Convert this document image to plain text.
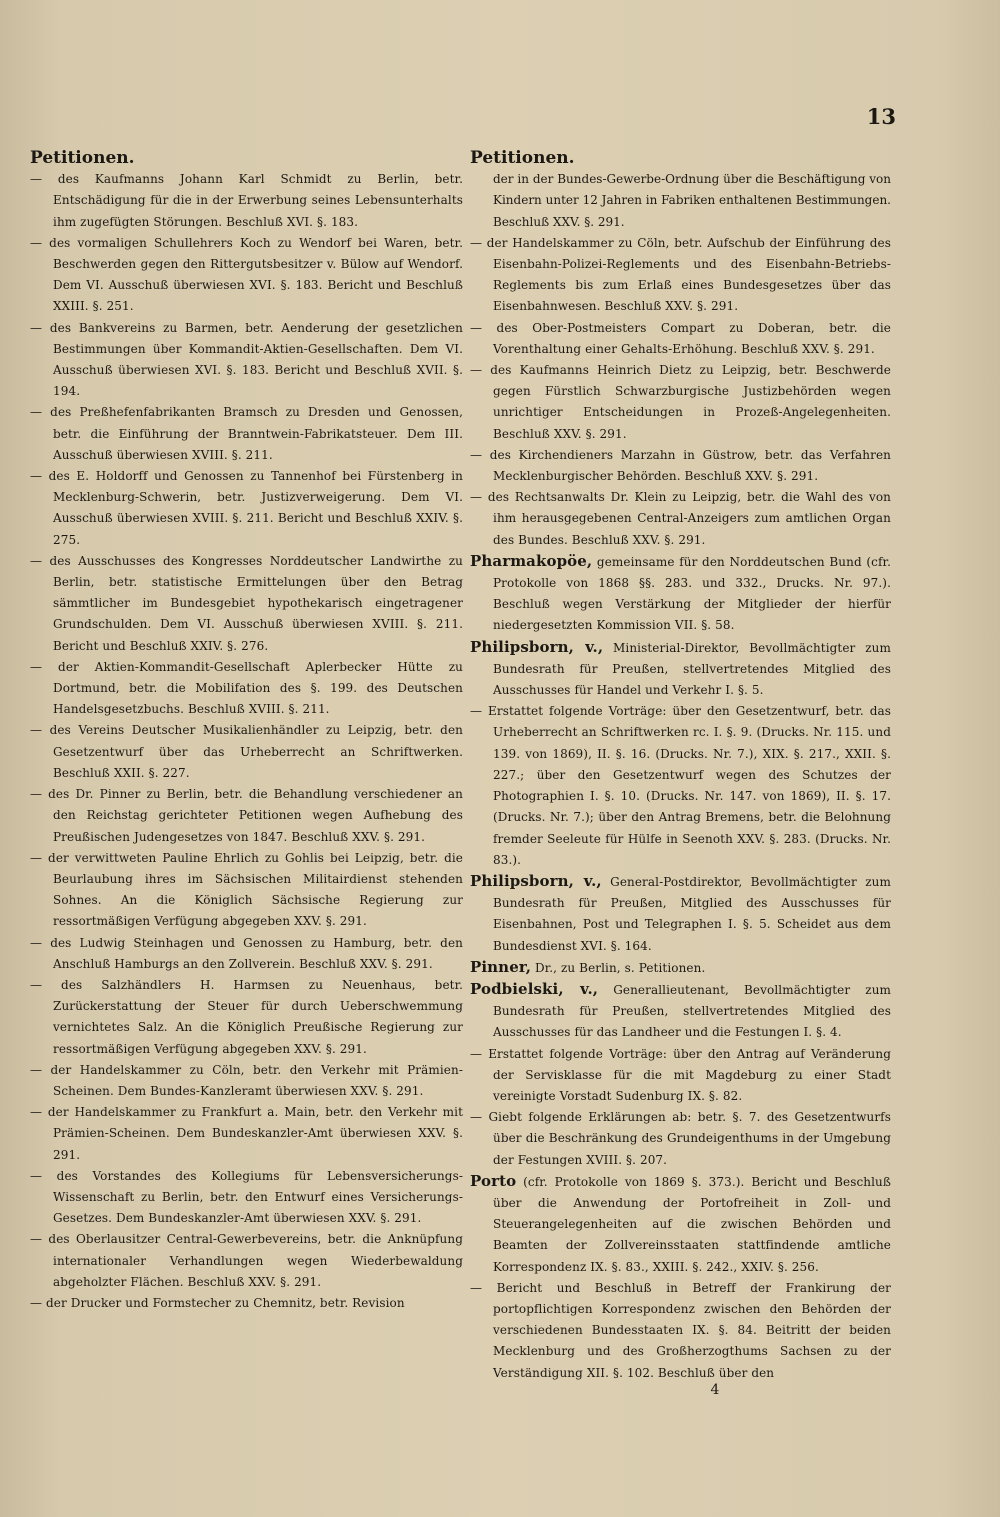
13
Petitionen.
— des Kaufmanns Johann Karl Schmidt zu Berlin, betr. Entschädigung für die in der Erwerbung seines Lebensunterhalts ihm zugefügten Störungen. Beschluß XVI. §. 183.
— des vormaligen Schullehrers Koch zu Wendorf bei Waren, betr. Beschwerden gegen den Rittergutsbesitzer v. Bülow auf Wendorf. Dem VI. Ausschuß überwiesen XVI. §. 183. Bericht und Beschluß XXIII. §. 251.
— des Bankvereins zu Barmen, betr. Aenderung der gesetzlichen Bestimmungen über Kommandit-Aktien-Gesellschaften. Dem VI. Ausschuß überwiesen XVI. §. 183. Bericht und Beschluß XVII. §. 194.
— des Preßhefenfabrikanten Bramsch zu Dresden und Genossen, betr. die Einführung der Branntwein-Fabrikatsteuer. Dem III. Ausschuß überwiesen XVIII. §. 211.
— des E. Holdorff und Genossen zu Tannenhof bei Fürstenberg in Mecklenburg-Schwerin, betr. Justizverweigerung. Dem VI. Ausschuß überwiesen XVIII. §. 211. Bericht und Beschluß XXIV. §. 275.
— des Ausschusses des Kongresses Norddeutscher Landwirthe zu Berlin, betr. statistische Ermittelungen über den Betrag sämmtlicher im Bundesgebiet hypothekarisch eingetragener Grundschulden. Dem VI. Ausschuß überwiesen XVIII. §. 211. Bericht und Beschluß XXIV. §. 276.
— der Aktien-Kommandit-Gesellschaft Aplerbecker Hütte zu Dortmund, betr. die Mobilifation des §. 199. des Deutschen Handelsgesetzbuchs. Beschluß XVIII. §. 211.
— des Vereins Deutscher Musikalienhändler zu Leipzig, betr. den Gesetzentwurf über das Urheberrecht an Schriftwerken. Beschluß XXII. §. 227.
— des Dr. Pinner zu Berlin, betr. die Behandlung verschiedener an den Reichstag gerichteter Petitionen wegen Aufhebung des Preußischen Judengesetzes von 1847. Beschluß XXV. §. 291.
— der verwittweten Pauline Ehrlich zu Gohlis bei Leipzig, betr. die Beurlaubung ihres im Sächsischen Militairdienst stehenden Sohnes. An die Königlich Sächsische Regierung zur ressortmäßigen Verfügung abgegeben XXV. §. 291.
— des Ludwig Steinhagen und Genossen zu Hamburg, betr. den Anschluß Hamburgs an den Zollverein. Beschluß XXV. §. 291.
— des Salzhändlers H. Harmsen zu Neuenhaus, betr. Zurückerstattung der Steuer für durch Ueberschwemmung vernichtetes Salz. An die Königlich Preußische Regierung zur ressortmäßigen Verfügung abgegeben XXV. §. 291.
— der Handelskammer zu Cöln, betr. den Verkehr mit Prämien-Scheinen. Dem Bundes-Kanzleramt überwiesen XXV. §. 291.
— der Handelskammer zu Frankfurt a. Main, betr. den Verkehr mit Prämien-Scheinen. Dem Bundeskanzler-Amt überwiesen XXV. §. 291.
— des Vorstandes des Kollegiums für Lebensversicherungs-Wissenschaft zu Berlin, betr. den Entwurf eines Versicherungs-Gesetzes. Dem Bundeskanzler-Amt überwiesen XXV. §. 291.
— des Oberlausitzer Central-Gewerbevereins, betr. die Anknüpfung internationaler Verhandlungen wegen Wiederbewaldung abgeholzter Flächen. Beschluß XXV. §. 291.
— der Drucker und Formstecher zu Chemnitz, betr. Revision
Petitionen.
der in der Bundes-Gewerbe-Ordnung über die Beschäftigung von Kindern unter 12 Jahren in Fabriken enthaltenen Bestimmungen. Beschluß XXV. §. 291.
— der Handelskammer zu Cöln, betr. Aufschub der Einführung des Eisenbahn-Polizei-Reglements und des Eisenbahn-Betriebs-Reglements bis zum Erlaß eines Bundesgesetzes über das Eisenbahnwesen. Beschluß XXV. §. 291.
— des Ober-Postmeisters Compart zu Doberan, betr. die Vorenthaltung einer Gehalts-Erhöhung. Beschluß XXV. §. 291.
— des Kaufmanns Heinrich Dietz zu Leipzig, betr. Beschwerde gegen Fürstlich Schwarzburgische Justizbehörden wegen unrichtiger Entscheidungen in Prozeß-Angelegenheiten. Beschluß XXV. §. 291.
— des Kirchendieners Marzahn in Güstrow, betr. das Verfahren Mecklenburgischer Behörden. Beschluß XXV. §. 291.
— des Rechtsanwalts Dr. Klein zu Leipzig, betr. die Wahl des von ihm herausgegebenen Central-Anzeigers zum amtlichen Organ des Bundes. Beschluß XXV. §. 291.
Pharmakopöe, gemeinsame für den Norddeutschen Bund (cfr. Protokolle von 1868 §§. 283. und 332., Drucks. Nr. 97.). Beschluß wegen Verstärkung der Mitglieder der hierfür niedergesetzten Kommission VII. §. 58.
Philipsborn, v., Ministerial-Direktor, Bevollmächtigter zum Bundesrath für Preußen, stellvertretendes Mitglied des Ausschusses für Handel und Verkehr I. §. 5.
— Erstattet folgende Vorträge: über den Gesetzentwurf, betr. das Urheberrecht an Schriftwerken rc. I. §. 9. (Drucks. Nr. 115. und 139. von 1869), II. §. 16. (Drucks. Nr. 7.), XIX. §. 217., XXII. §. 227.; über den Gesetzentwurf wegen des Schutzes der Photographien I. §. 10. (Drucks. Nr. 147. von 1869), II. §. 17. (Drucks. Nr. 7.); über den Antrag Bremens, betr. die Belohnung fremder Seeleute für Hülfe in Seenoth XXV. §. 283. (Drucks. Nr. 83.).
Philipsborn, v., General-Postdirektor, Bevollmächtigter zum Bundesrath für Preußen, Mitglied des Ausschusses für Eisenbahnen, Post und Telegraphen I. §. 5. Scheidet aus dem Bundesdienst XVI. §. 164.
Pinner, Dr., zu Berlin, s. Petitionen.
Podbielski, v., Generallieutenant, Bevollmächtigter zum Bundesrath für Preußen, stellvertretendes Mitglied des Ausschusses für das Landheer und die Festungen I. §. 4.
— Erstattet folgende Vorträge: über den Antrag auf Veränderung der Servisklasse für die mit Magdeburg zu einer Stadt vereinigte Vorstadt Sudenburg IX. §. 82.
— Giebt folgende Erklärungen ab: betr. §. 7. des Gesetzentwurfs über die Beschränkung des Grundeigenthums in der Umgebung der Festungen XVIII. §. 207.
Porto (cfr. Protokolle von 1869 §. 373.). Bericht und Beschluß über die Anwendung der Portofreiheit in Zoll- und Steuerangelegenheiten auf die zwischen Behörden und Beamten der Zollvereinsstaaten stattfindende amtliche Korrespondenz IX. §. 83., XXIII. §. 242., XXIV. §. 256.
— Bericht und Beschluß in Betreff der Frankirung der portopflichtigen Korrespondenz zwischen den Behörden der verschiedenen Bundesstaaten IX. §. 84. Beitritt der beiden Mecklenburg und des Großherzogthums Sachsen zu der Verständigung XII. §. 102. Beschluß über den
4
